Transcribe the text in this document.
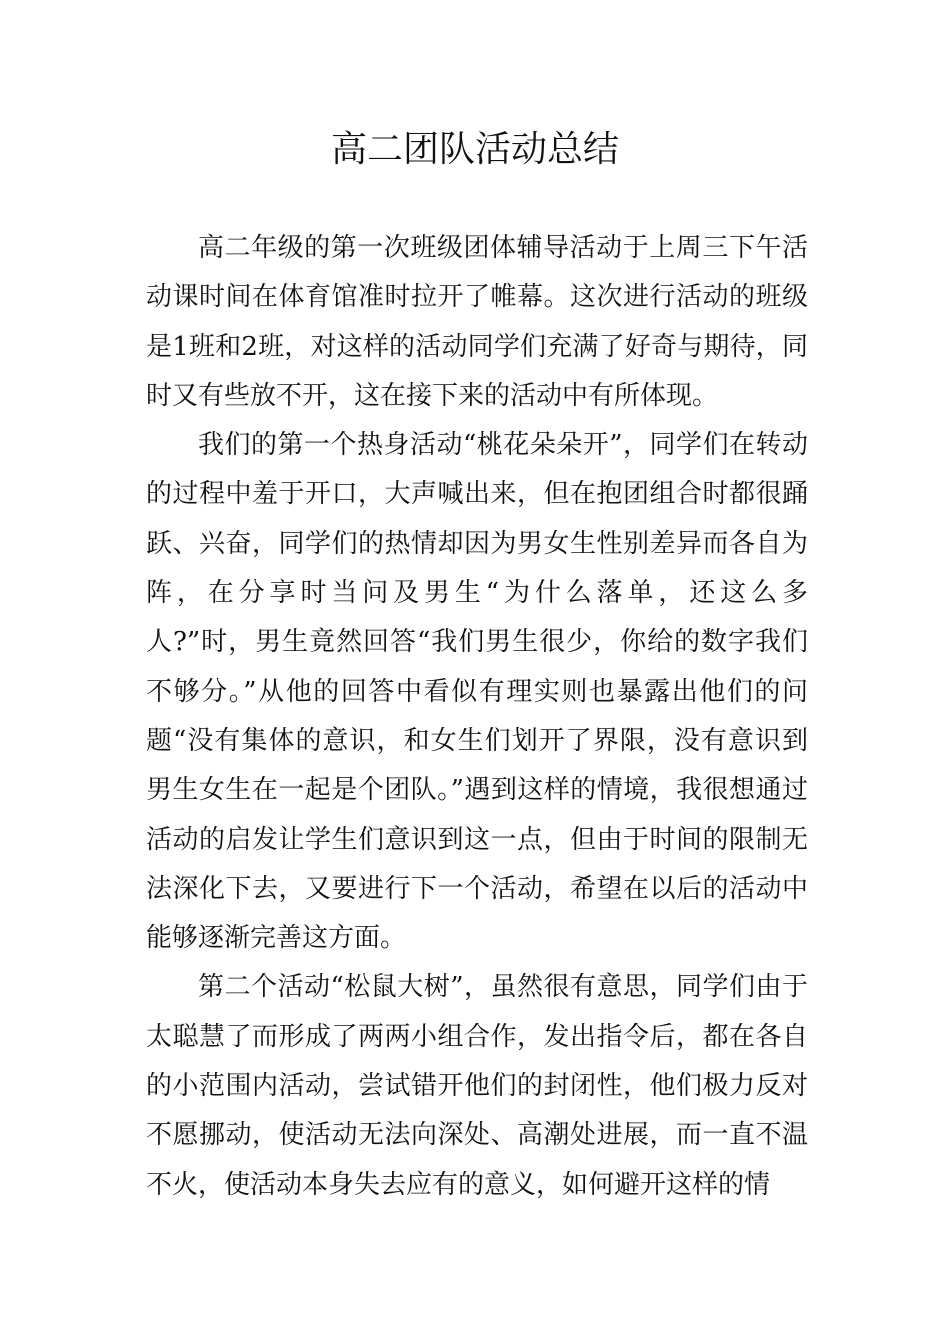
高二团队活动总结

高二年级的第一次班级团体辅导活动于上周三下午活动课时间在体育馆准时拉开了帷幕。这次进行活动的班级是1班和2班，对这样的活动同学们充满了好奇与期待，同时又有些放不开，这在接下来的活动中有所体现。

我们的第一个热身活动“桃花朵朵开”，同学们在转动的过程中羞于开口，大声喊出来，但在抱团组合时都很踊跃、兴奋，同学们的热情却因为男女生性别差异而各自为阵，在分享时当问及男生“为什么落单，还这么多人?”时，男生竟然回答“我们男生很少，你给的数字我们不够分。”从他的回答中看似有理实则也暴露出他们的问题“没有集体的意识，和女生们划开了界限，没有意识到男生女生在一起是个团队。”遇到这样的情境，我很想通过活动的启发让学生们意识到这一点，但由于时间的限制无法深化下去，又要进行下一个活动，希望在以后的活动中能够逐渐完善这方面。

第二个活动“松鼠大树”，虽然很有意思，同学们由于太聪慧了而形成了两两小组合作，发出指令后，都在各自的小范围内活动，尝试错开他们的封闭性，他们极力反对不愿挪动，使活动无法向深处、高潮处进展，而一直不温不火，使活动本身失去应有的意义，如何避开这样的情
